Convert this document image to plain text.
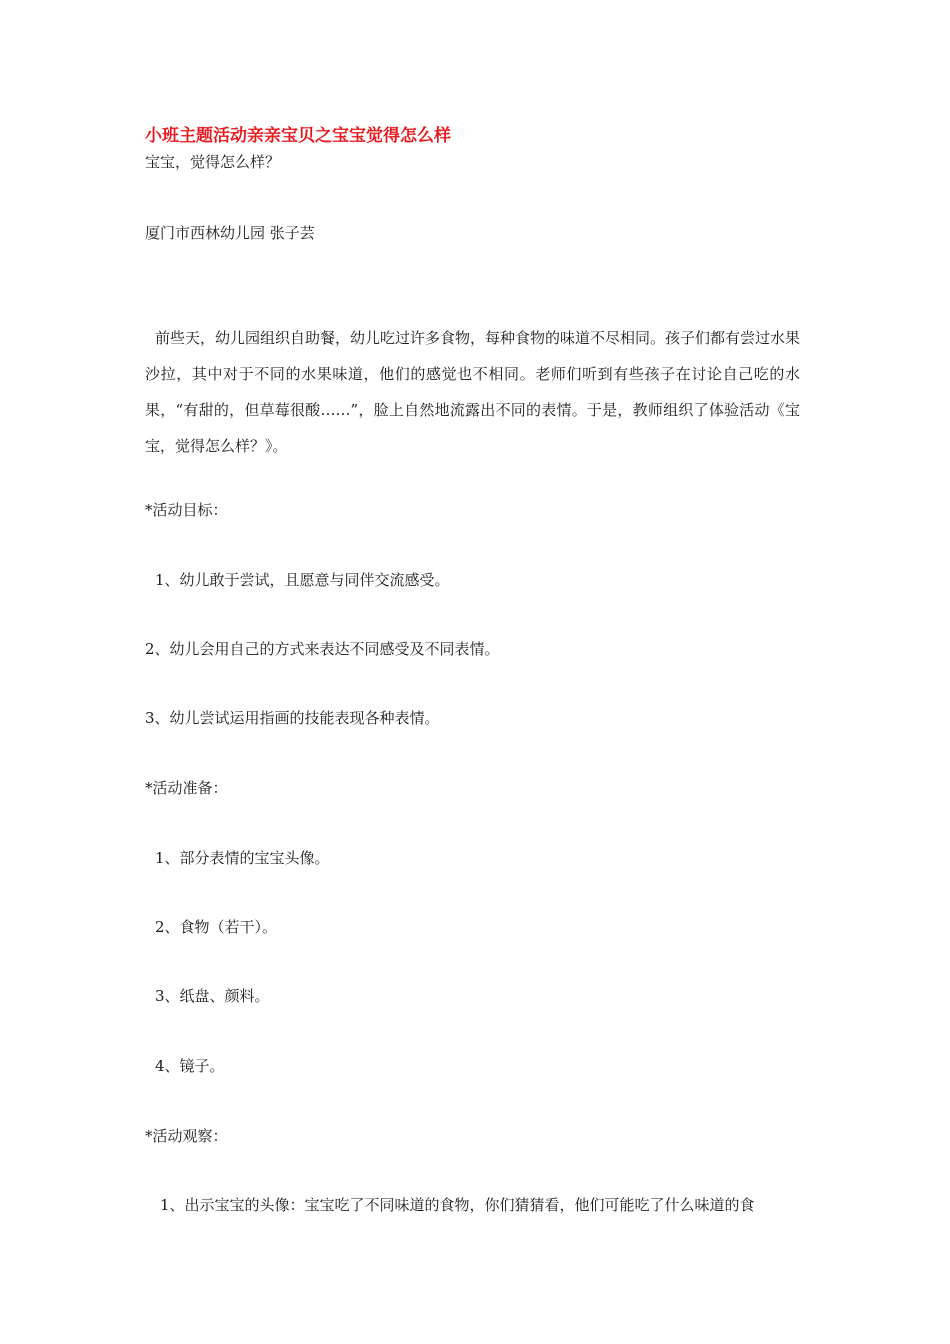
小班主题活动亲亲宝贝之宝宝觉得怎么样
宝宝，觉得怎么样？
厦门市西林幼儿园 张子芸
前些天，幼儿园组织自助餐，幼儿吃过许多食物，每种食物的味道不尽相同。孩子们都有尝过水果沙拉，其中对于不同的水果味道，他们的感觉也不相同。老师们听到有些孩子在讨论自己吃的水果，“有甜的，但草莓很酸……”，脸上自然地流露出不同的表情。于是，教师组织了体验活动《宝宝，觉得怎么样？》。
*活动目标：
1、幼儿敢于尝试，且愿意与同伴交流感受。
2、幼儿会用自己的方式来表达不同感受及不同表情。
3、幼儿尝试运用指画的技能表现各种表情。
*活动准备：
1、部分表情的宝宝头像。
2、食物（若干）。
3、纸盘、颜料。
4、镜子。
*活动观察：
1、出示宝宝的头像：宝宝吃了不同味道的食物，你们猜猜看，他们可能吃了什么味道的食
